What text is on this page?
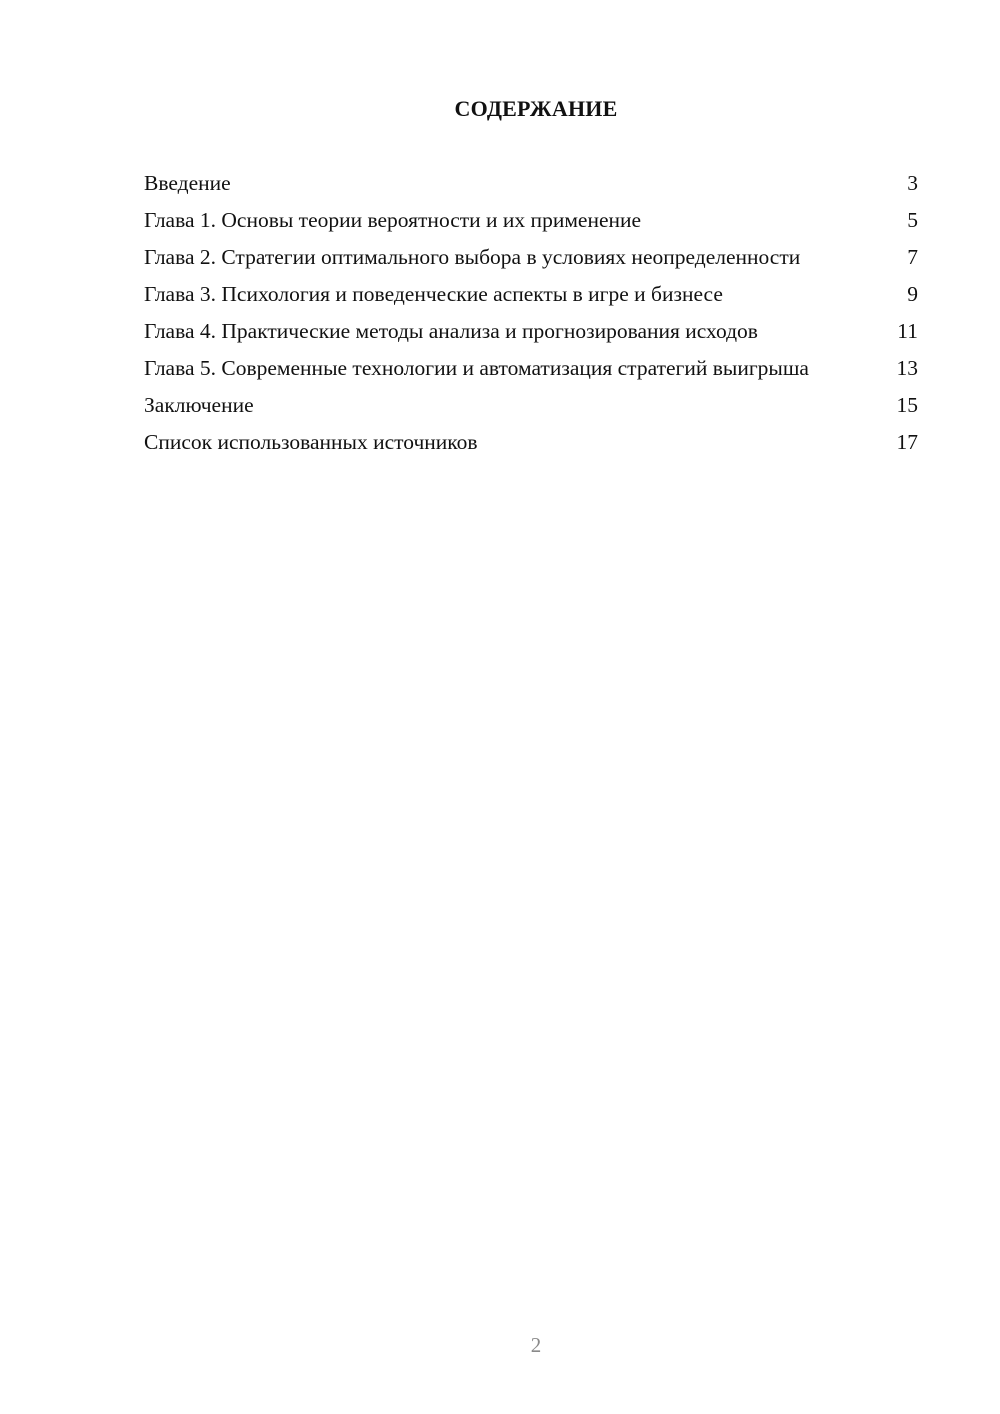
СОДЕРЖАНИЕ
Введение	3
Глава 1. Основы теории вероятности и их применение	5
Глава 2. Стратегии оптимального выбора в условиях неопределенности	7
Глава 3. Психология и поведенческие аспекты в игре и бизнесе	9
Глава 4. Практические методы анализа и прогнозирования исходов	11
Глава 5. Современные технологии и автоматизация стратегий выигрыша	13
Заключение	15
Список использованных источников	17
2
